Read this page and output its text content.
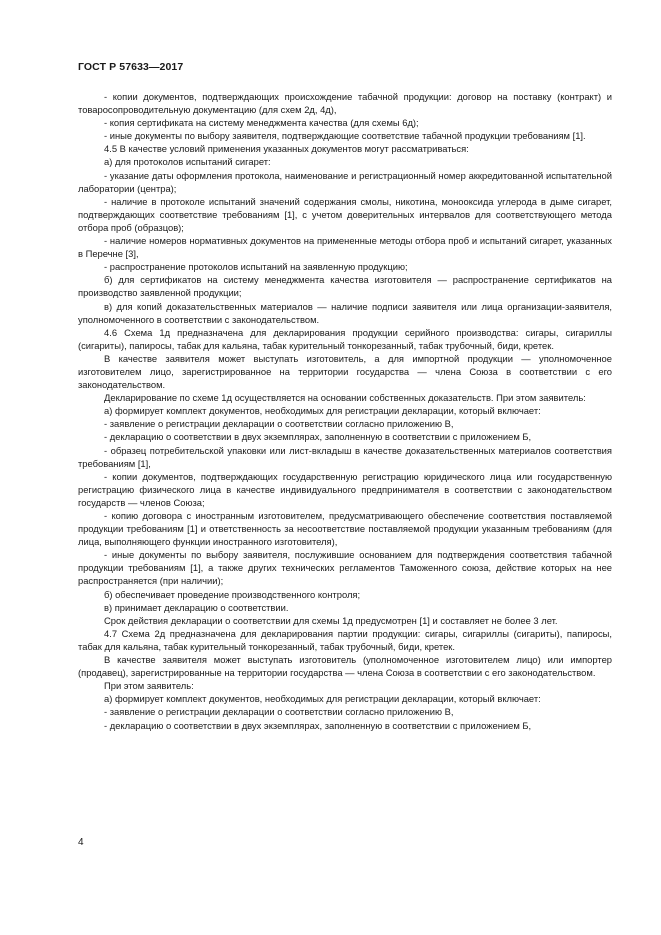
ГОСТ Р 57633—2017

- копии документов, подтверждающих происхождение табачной продукции: договор на поставку (контракт) и товаросопроводительную документацию (для схем 2д, 4д),

- копия сертификата на систему менеджмента качества (для схемы 6д);

- иные документы по выбору заявителя, подтверждающие соответствие табачной продукции требованиям [1].

4.5 В качестве условий применения указанных документов могут рассматриваться:

а) для протоколов испытаний сигарет:

- указание даты оформления протокола, наименование и регистрационный номер аккредитованной испытательной лаборатории (центра);

- наличие в протоколе испытаний значений содержания смолы, никотина, монооксида углерода в дыме сигарет, подтверждающих соответствие требованиям [1], с учетом доверительных интервалов для соответствующего метода отбора проб (образцов);

- наличие номеров нормативных документов на примененные методы отбора проб и испытаний сигарет, указанных в Перечне [3],

- распространение протоколов испытаний на заявленную продукцию;

б) для сертификатов на систему менеджмента качества изготовителя — распространение сертификатов на производство заявленной продукции;

в) для копий доказательственных материалов — наличие подписи заявителя или лица организации-заявителя, уполномоченного в соответствии с законодательством.

4.6 Схема 1д предназначена для декларирования продукции серийного производства: сигары, сигариллы (сигариты), папиросы, табак для кальяна, табак курительный тонкорезанный, табак трубочный, биди, кретек.

В качестве заявителя может выступать изготовитель, а для импортной продукции — уполномоченное изготовителем лицо, зарегистрированное на территории государства — члена Союза в соответствии с его законодательством.

Декларирование по схеме 1д осуществляется на основании собственных доказательств. При этом заявитель:

а) формирует комплект документов, необходимых для регистрации декларации, который включает:

- заявление о регистрации декларации о соответствии согласно приложению В,

- декларацию о соответствии в двух экземплярах, заполненную в соответствии с приложением Б,

- образец потребительской упаковки или лист-вкладыш в качестве доказательственных материалов соответствия требованиям [1],

- копии документов, подтверждающих государственную регистрацию юридического лица или государственную регистрацию физического лица в качестве индивидуального предпринимателя в соответствии с законодательством государств — членов Союза;

- копию договора с иностранным изготовителем, предусматривающего обеспечение соответствия поставляемой продукции требованиям [1] и ответственность за несоответствие поставляемой продукции указанным требованиям (для лица, выполняющего функции иностранного изготовителя),

- иные документы по выбору заявителя, послужившие основанием для подтверждения соответствия табачной продукции требованиям [1], а также других технических регламентов Таможенного союза, действие которых на нее распространяется (при наличии);

б) обеспечивает проведение производственного контроля;

в) принимает декларацию о соответствии.

Срок действия декларации о соответствии для схемы 1д предусмотрен [1] и составляет не более 3 лет.

4.7 Схема 2д предназначена для декларирования партии продукции: сигары, сигариллы (сигариты), папиросы, табак для кальяна, табак курительный тонкорезанный, табак трубочный, биди, кретек.

В качестве заявителя может выступать изготовитель (уполномоченное изготовителем лицо) или импортер (продавец), зарегистрированные на территории государства — члена Союза в соответствии с его законодательством.

При этом заявитель:

а) формирует комплект документов, необходимых для регистрации декларации, который включает:

- заявление о регистрации декларации о соответствии согласно приложению В,

- декларацию о соответствии в двух экземплярах, заполненную в соответствии с приложением Б,

4
